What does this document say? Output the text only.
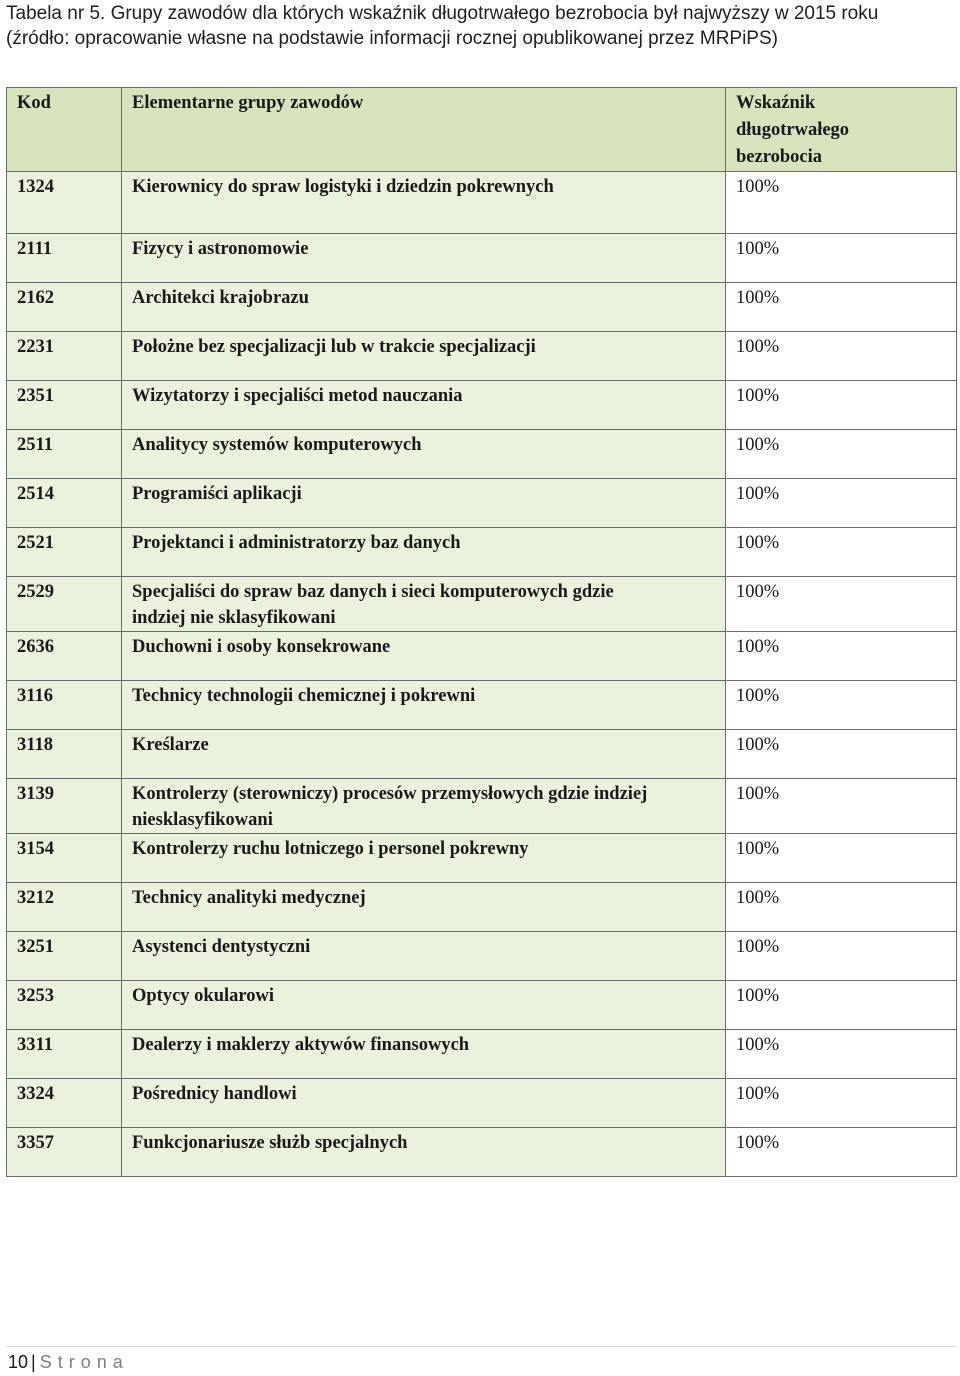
Tabela nr 5. Grupy zawodów dla których wskaźnik długotrwałego bezrobocia był najwyższy w 2015 roku
(źródło: opracowanie własne na podstawie informacji rocznej opublikowanej przez MRPiPS)
Kod	Elementarne grupy zawodów	Wskaźnik
długotrwałego
bezrobocia

1324	Kierownicy do spraw logistyki i dziedzin pokrewnych	100%
2111	Fizycy i astronomowie	100%
2162	Architekci krajobrazu	100%
2231	Położne bez specjalizacji lub w trakcie specjalizacji	100%
2351	Wizytatorzy i specjaliści metod nauczania	100%
2511	Analitycy systemów komputerowych	100%
2514	Programiści aplikacji	100%
2521	Projektanci i administratorzy baz danych	100%
2529	Specjaliści do spraw baz danych i sieci komputerowych gdzie
indziej nie sklasyfikowani	100%
2636	Duchowni i osoby konsekrowane	100%
3116	Technicy technologii chemicznej i pokrewni	100%
3118	Kreślarze	100%
3139	Kontrolerzy (sterowniczy) procesów przemysłowych gdzie indziej
niesklasyfikowani	100%
3154	Kontrolerzy ruchu lotniczego i personel pokrewny	100%
3212	Technicy analityki medycznej	100%
3251	Asystenci dentystyczni	100%
3253	Optycy okularowi	100%
3311	Dealerzy i maklerzy aktywów finansowych	100%
3324	Pośrednicy handlowi	100%
3357	Funkcjonariusze służb specjalnych	100%
10 | Strona
